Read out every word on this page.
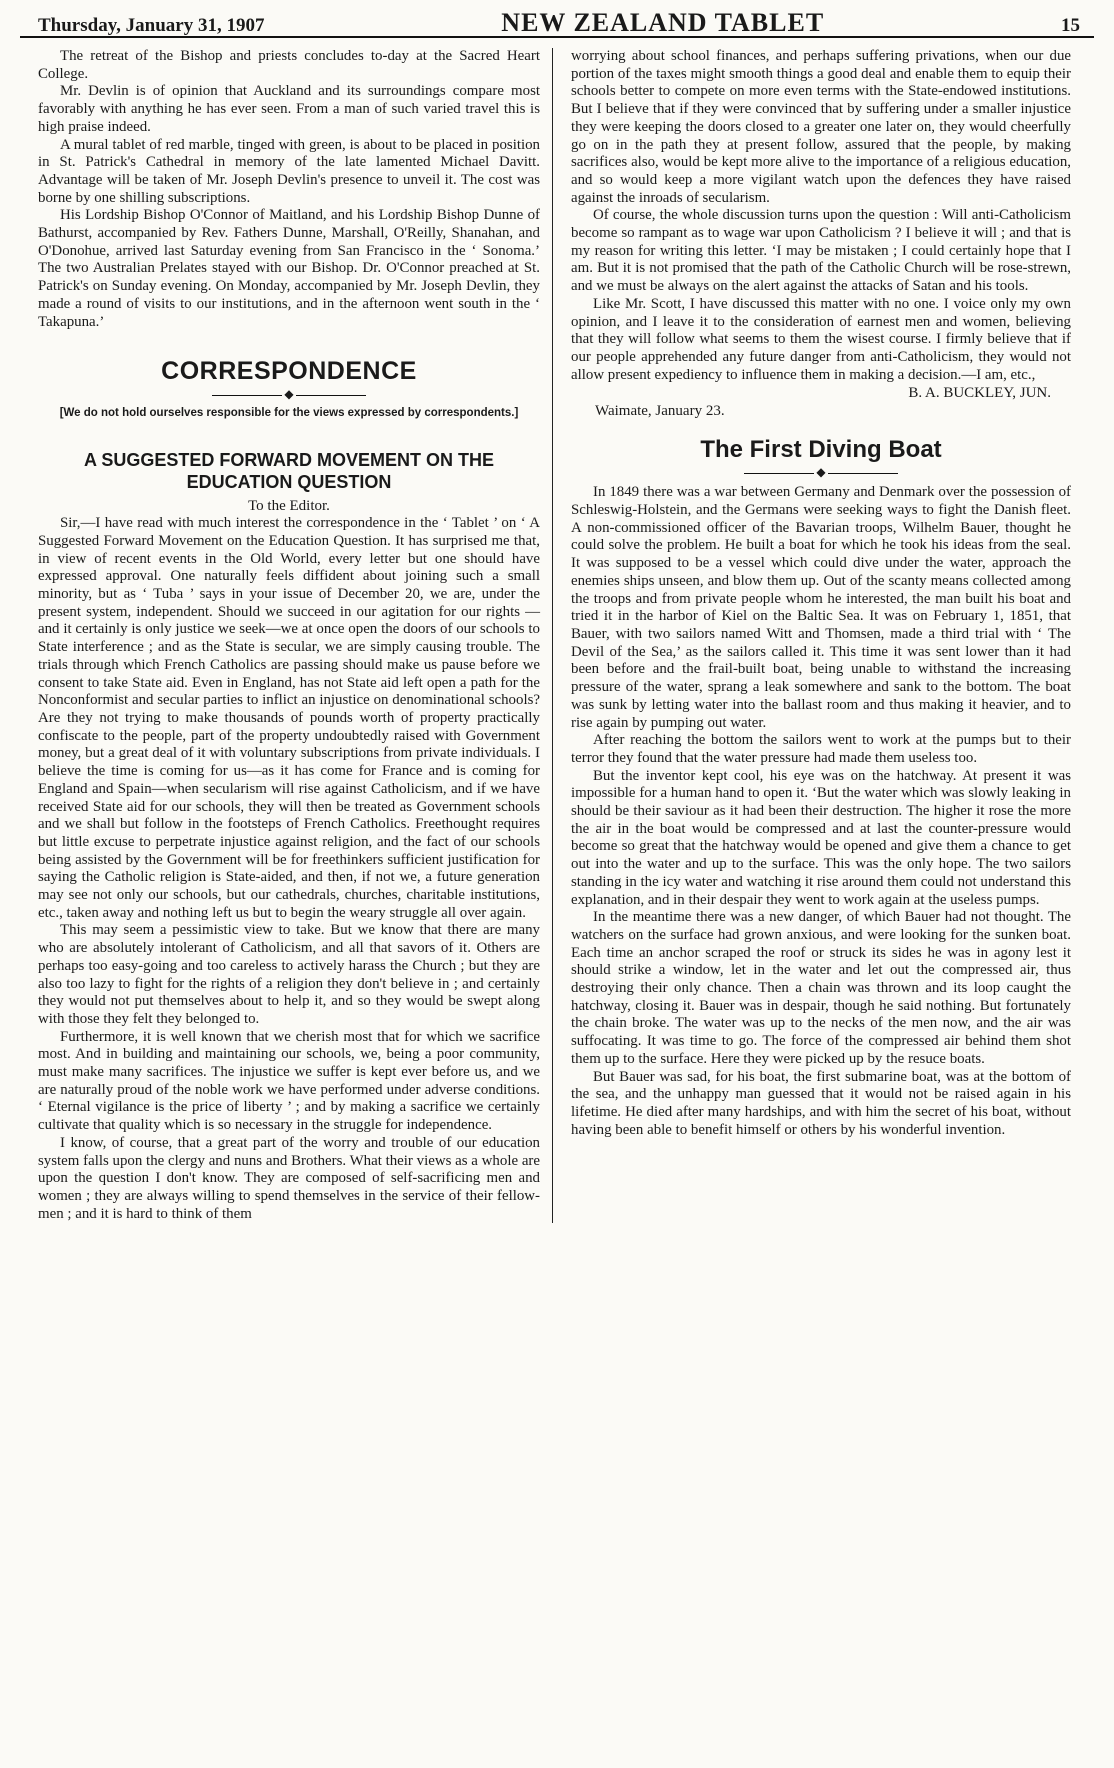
Thursday, January 31, 1907	NEW ZEALAND TABLET	15

The retreat of the Bishop and priests concludes to-day at the Sacred Heart College.

Mr. Devlin is of opinion that Auckland and its surroundings compare most favorably with anything he has ever seen. From a man of such varied travel this is high praise indeed.

A mural tablet of red marble, tinged with green, is about to be placed in position in St. Patrick's Cathedral in memory of the late lamented Michael Davitt. Advantage will be taken of Mr. Joseph Devlin's presence to unveil it. The cost was borne by one shilling subscriptions.

His Lordship Bishop O'Connor of Maitland, and his Lordship Bishop Dunne of Bathurst, accompanied by Rev. Fathers Dunne, Marshall, O'Reilly, Shanahan, and O'Donohue, arrived last Saturday evening from San Francisco in the ‘ Sonoma.’ The two Australian Prelates stayed with our Bishop. Dr. O'Connor preached at St. Patrick's on Sunday evening. On Monday, accompanied by Mr. Joseph Devlin, they made a round of visits to our institutions, and in the afternoon went south in the ‘ Takapuna.’

CORRESPONDENCE
◆
[We do not hold ourselves responsible for the views expressed by correspondents.]
A SUGGESTED FORWARD MOVEMENT ON THE EDUCATION QUESTION
To the Editor.

Sir,—I have read with much interest the correspondence in the ‘ Tablet ’ on ‘ A Suggested Forward Movement on the Education Question. It has surprised me that, in view of recent events in the Old World, every letter but one should have expressed approval. One naturally feels diffident about joining such a small minority, but as ‘ Tuba ’ says in your issue of December 20, we are, under the present system, independent. Should we succeed in our agitation for our rights —and it certainly is only justice we seek—we at once open the doors of our schools to State interference ; and as the State is secular, we are simply causing trouble. The trials through which French Catholics are passing should make us pause before we consent to take State aid. Even in England, has not State aid left open a path for the Nonconformist and secular parties to inflict an injustice on denominational schools? Are they not trying to make thousands of pounds worth of property practically confiscate to the people, part of the property undoubtedly raised with Government money, but a great deal of it with voluntary subscriptions from private individuals. I believe the time is coming for us—as it has come for France and is coming for England and Spain—when secularism will rise against Catholicism, and if we have received State aid for our schools, they will then be treated as Government schools and we shall but follow in the footsteps of French Catholics. Freethought requires but little excuse to perpetrate injustice against religion, and the fact of our schools being assisted by the Government will be for freethinkers sufficient justification for saying the Catholic religion is State-aided, and then, if not we, a future generation may see not only our schools, but our cathedrals, churches, charitable institutions, etc., taken away and nothing left us but to begin the weary struggle all over again.

This may seem a pessimistic view to take. But we know that there are many who are absolutely intolerant of Catholicism, and all that savors of it. Others are perhaps too easy-going and too careless to actively harass the Church ; but they are also too lazy to fight for the rights of a religion they don't believe in ; and certainly they would not put themselves about to help it, and so they would be swept along with those they felt they belonged to.

Furthermore, it is well known that we cherish most that for which we sacrifice most. And in building and maintaining our schools, we, being a poor community, must make many sacrifices. The injustice we suffer is kept ever before us, and we are naturally proud of the noble work we have performed under adverse conditions. ‘ Eternal vigilance is the price of liberty ’ ; and by making a sacrifice we certainly cultivate that quality which is so necessary in the struggle for independence.

I know, of course, that a great part of the worry and trouble of our education system falls upon the clergy and nuns and Brothers. What their views as a whole are upon the question I don't know. They are composed of self-sacrificing men and women ; they are always willing to spend themselves in the service of their fellow-men ; and it is hard to think of them

worrying about school finances, and perhaps suffering privations, when our due portion of the taxes might smooth things a good deal and enable them to equip their schools better to compete on more even terms with the State-endowed institutions. But I believe that if they were convinced that by suffering under a smaller injustice they were keeping the doors closed to a greater one later on, they would cheerfully go on in the path they at present follow, assured that the people, by making sacrifices also, would be kept more alive to the importance of a religious education, and so would keep a more vigilant watch upon the defences they have raised against the inroads of secularism.

Of course, the whole discussion turns upon the question : Will anti-Catholicism become so rampant as to wage war upon Catholicism ? I believe it will ; and that is my reason for writing this letter. ‘I may be mistaken ; I could certainly hope that I am. But it is not promised that the path of the Catholic Church will be rose-strewn, and we must be always on the alert against the attacks of Satan and his tools.

Like Mr. Scott, I have discussed this matter with no one. I voice only my own opinion, and I leave it to the consideration of earnest men and women, believing that they will follow what seems to them the wisest course. I firmly believe that if our people apprehended any future danger from anti-Catholicism, they would not allow present expediency to influence them in making a decision.—I am, etc.,

B. A. BUCKLEY, JUN.
Waimate, January 23.
The First Diving Boat
◆

In 1849 there was a war between Germany and Denmark over the possession of Schleswig-Holstein, and the Germans were seeking ways to fight the Danish fleet. A non-commissioned officer of the Bavarian troops, Wilhelm Bauer, thought he could solve the problem. He built a boat for which he took his ideas from the seal. It was supposed to be a vessel which could dive under the water, approach the enemies ships unseen, and blow them up. Out of the scanty means collected among the troops and from private people whom he interested, the man built his boat and tried it in the harbor of Kiel on the Baltic Sea. It was on February 1, 1851, that Bauer, with two sailors named Witt and Thomsen, made a third trial with ‘ The Devil of the Sea,’ as the sailors called it. This time it was sent lower than it had been before and the frail-built boat, being unable to withstand the increasing pressure of the water, sprang a leak somewhere and sank to the bottom. The boat was sunk by letting water into the ballast room and thus making it heavier, and to rise again by pumping out water.

After reaching the bottom the sailors went to work at the pumps but to their terror they found that the water pressure had made them useless too.

But the inventor kept cool, his eye was on the hatchway. At present it was impossible for a human hand to open it. ‘But the water which was slowly leaking in should be their saviour as it had been their destruction. The higher it rose the more the air in the boat would be compressed and at last the counter-pressure would become so great that the hatchway would be opened and give them a chance to get out into the water and up to the surface. This was the only hope. The two sailors standing in the icy water and watching it rise around them could not understand this explanation, and in their despair they went to work again at the useless pumps.

In the meantime there was a new danger, of which Bauer had not thought. The watchers on the surface had grown anxious, and were looking for the sunken boat. Each time an anchor scraped the roof or struck its sides he was in agony lest it should strike a window, let in the water and let out the compressed air, thus destroying their only chance. Then a chain was thrown and its loop caught the hatchway, closing it. Bauer was in despair, though he said nothing. But fortunately the chain broke. The water was up to the necks of the men now, and the air was suffocating. It was time to go. The force of the compressed air behind them shot them up to the surface. Here they were picked up by the resuce boats.

But Bauer was sad, for his boat, the first submarine boat, was at the bottom of the sea, and the unhappy man guessed that it would not be raised again in his lifetime. He died after many hardships, and with him the secret of his boat, without having been able to benefit himself or others by his wonderful invention.
